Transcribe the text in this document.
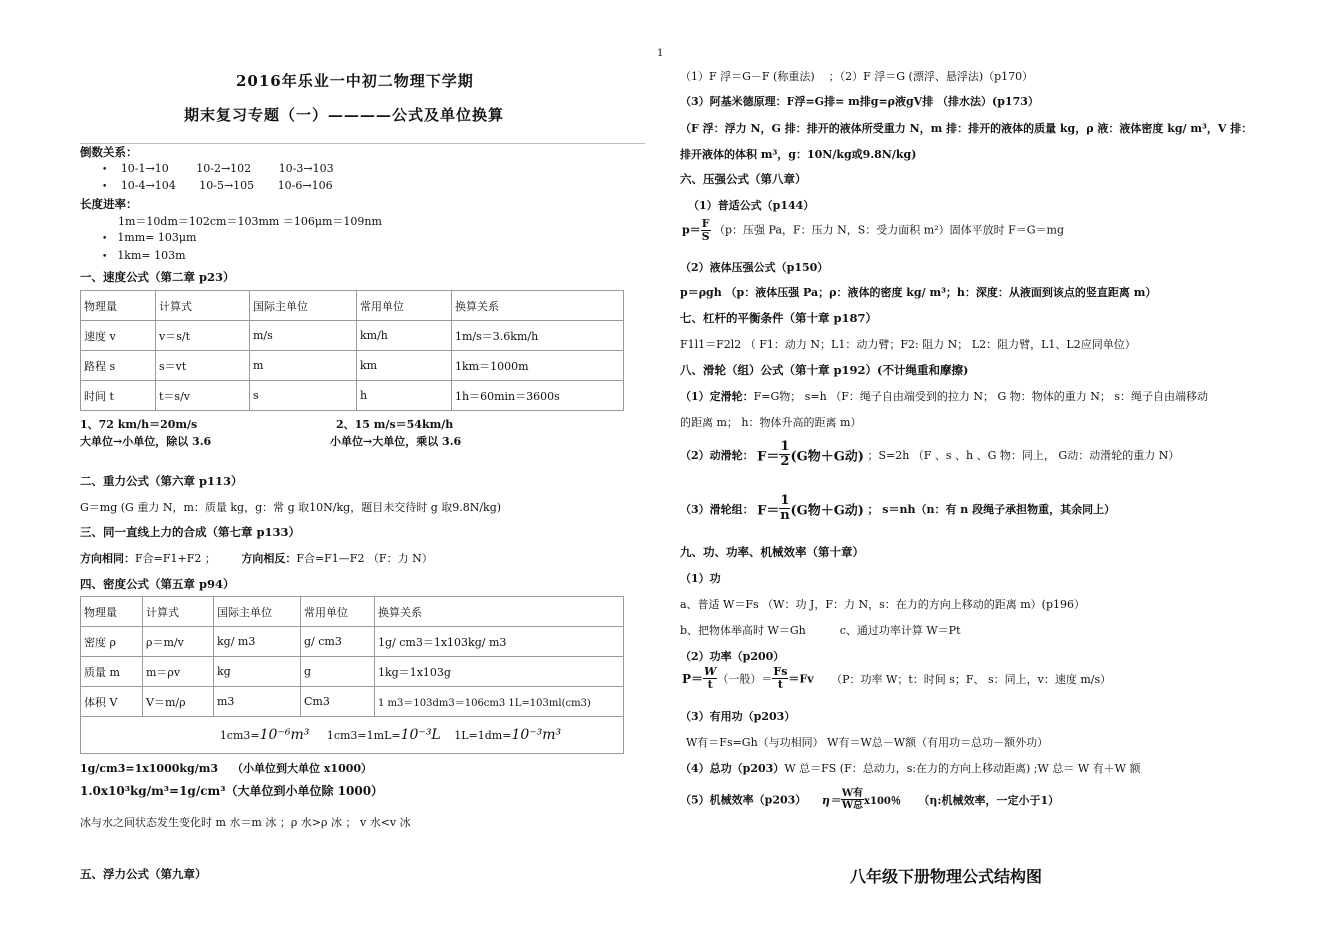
1
2016年乐业一中初二物理下学期
期末复习专题（一）————公式及单位换算
倒数关系：
• 10-1→10	10-2→102	10-3→103
• 10-4→104 10-5→105 10-6→106
长度进率：
1m＝10dm＝102cm＝103mm ＝106μm＝109nm
• 1mm= 103μm
• 1km= 103m
一、速度公式（第二章 p23）
物理量	计算式	国际主单位	常用单位	换算关系
速度 v	v＝s/t	m/s	km/h	1m/s＝3.6km/h
路程 s	s＝vt	m	km	1km＝1000m
时间 t	t＝s/v	s	h	1h＝60min＝3600s
1、72 km/h＝20m/s	2、15 m/s＝54km/h
大单位→小单位，除以 3.6	小单位→大单位，乘以 3.6
二、重力公式（第六章 p113）
G＝mg (G 重力 N，m：质量 kg，g：常 g 取10N/kg，题目未交待时 g 取9.8N/kg)
三、同一直线上力的合成（第七章 p133）
方向相同：F合=F1+F2 ； 方向相反：F合=F1—F2 （F：力 N）
四、密度公式（第五章 p94）
物理量	计算式	国际主单位	常用单位	换算关系
密度 ρ	ρ＝m/v	kg/ m3	g/ cm3	1g/ cm3＝1x103kg/ m3
质量 m	m＝ρv	kg	g	1kg＝1x103g
体积 V	V＝m/ρ	m3	Cm3	1 m3＝103dm3＝106cm3 1L=103ml(cm3)
1cm3=10⁻⁶m³ 1cm3=1mL=10⁻³L 1L=1dm=10⁻³m³				
1g/cm3=1x1000kg/m3 （小单位到大单位 x1000）
1.0x10³kg/m³=1g/cm³（大单位到小单位除 1000）
冰与水之间状态发生变化时 m 水＝m 冰 ；ρ 水>ρ 冰 ； v 水<v 冰
五、浮力公式（第九章）
（1）F 浮＝G－F (称重法) ；（2）F 浮＝G (漂浮、悬浮法)（p170）
（3）阿基米德原理：F浮=G排= m排g=ρ液gV排 （排水法）(p173）
（F 浮：浮力 N，G 排：排开的液体所受重力 N，m 排：排开的液体的质量 kg，ρ 液：液体密度 kg/ m³，V 排：
排开液体的体积 m³，g：10N/kg或9.8N/kg)
六、压强公式（第八章）
（1）普适公式（p144）
$p= \frac{F}{S} (p$：压强 Pa，F：压力 N，S：受力面积 m²）固体平放时 F＝G＝mg
（2）液体压强公式（p150）
p＝ρgh （p：液体压强 Pa；ρ：液体的密度 kg/ m³；h：深度：从液面到该点的竖直距离 m）
七、杠杆的平衡条件（第十章 p187）
F1l1＝F2l2 （ F1：动力 N；L1：动力臂；F2: 阻力 N； L2：阻力臂，L1、L2应同单位）
八、滑轮（组）公式（第十章 p192）(不计绳重和摩擦)
（1）定滑轮：F=G物； s=h （F：绳子自由端受到的拉力 N； G 物：物体的重力 N； s：绳子自由端移动
的距离 m； h：物体升高的距离 m）
（2）动滑轮： $F= \frac{1}{2} (G$物＋G动) ；S=2h （F 、s 、h 、G 物：同上， G动：动滑轮的重力 N）
（3）滑轮组： $F= \frac{1}{n} (G$物＋G动) ； s＝nh（n：有 n 段绳子承担物重，其余同上）
九、功、功率、机械效率（第十章）
（1）功
a、普适 W＝Fs （W：功 J，F：力 N，s：在力的方向上移动的距离 m）(p196）
b、把物体举高时 W＝Gh	c、通过功率计算 W＝Pt
（2）功率（p200）
$P= \frac{W}{t}$ （一般）＝ $\frac{Fs}{t} =Fv$ （P：功率 W；t：时间 s；F、 s：同上，v：速度 m/s）
（3）有用功（p203）
W有＝Fs=Gh（与功相同） W有＝W总－W额（有用功＝总功－额外功）
（4）总功（p203）W 总＝FS (F：总动力，s:在力的方向上移动距离) ;W 总＝ W 有＋W 额
（5）机械效率（p203） $\eta= \frac{\text{W有}}{\text{W总}} x100$％ （η:机械效率，一定小于1）
八年级下册物理公式结构图
